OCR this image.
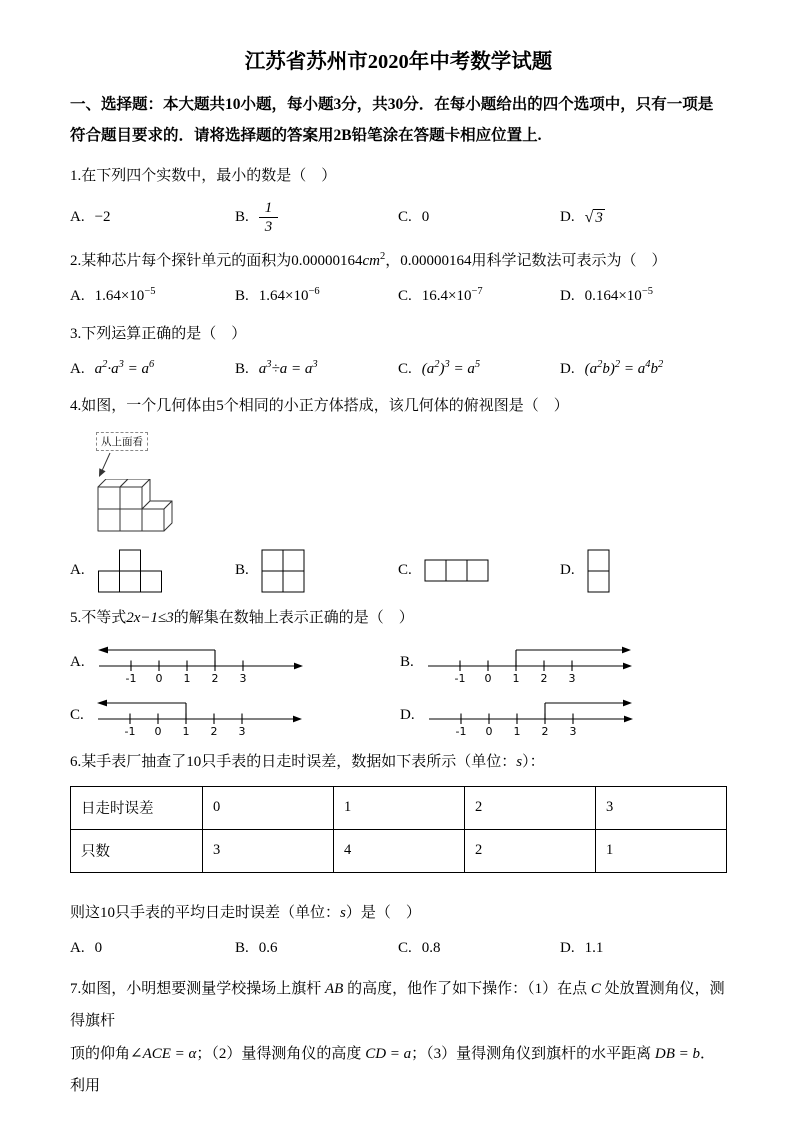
江苏省苏州市2020年中考数学试题

一、选择题：本大题共10小题，每小题3分，共30分．在每小题给出的四个选项中，只有一项是符合题目要求的．请将选择题的答案用2B铅笔涂在答题卡相应位置上.

1.在下列四个实数中，最小的数是（　）

A. −2	B. $\frac{1}{3}$	C. 0	D. √ 3

2.某种芯片每个探针单元的面积为$0.00000164cm^2$，0.00000164用科学记数法可表示为（　）

A. $1.64\times 10^{-5}$	B. $1.64\times 10^{-6}$	C. $16.4\times 10^{-7}$	D. $0.164\times 10^{-5}$

3.下列运算正确的是（　）

A. $a^2\cdot a^3 = a^6$	B. $a^3\div a = a^3$	C. $(a^2)^3 = a^5$	D. $(a^2b)^2 = a^4b^2$

4.如图，一个几何体由5个相同的小正方体搭成，该几何体的俯视图是（　）

从上面看
A.	B.	C.	D.

5.不等式2x−1≤3的解集在数轴上表示正确的是（　）

A.
-1 0 1 2 3
B.
-1 0 1 2 3
C.
-1 0 1 2 3
D.
-1 0 1 2 3

6.某手表厂抽查了10只手表的日走时误差，数据如下表所示（单位：s）：

日走时误差	0	1	2	3
只数	3	4	2	1

则这10只手表的平均日走时误差（单位：s）是（　）

A. 0	B. 0.6	C. 0.8	D. 1.1

7.如图，小明想要测量学校操场上旗杆 AB 的高度，他作了如下操作：（1）在点 C 处放置测角仪，测得旗杆

顶的仰角∠ACE = α；（2）量得测角仪的高度 CD = a；（3）量得测角仪到旗杆的水平距离 DB = b．利用
